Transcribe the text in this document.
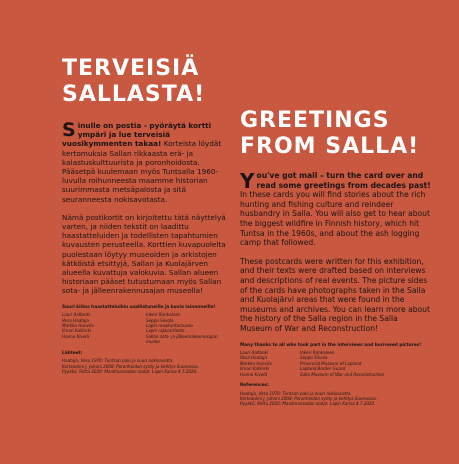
TERVEISIÄ
SALLASTA!

Sinulle on postia - pyöräytä kortti ympäri ja lue terveisiä vuosikymmenten takaa! Korteista löydät kertomuksia Sallan rikkaasta erä- ja kalastuskulttuurista ja poronhoidosta. Pääsetpä kuulemaan myös Tuntsalla 1960-luvulla roihunneesta maamme historian suurimmasta metsäpalosta ja sitä seuranneesta nokisavotasta.

Nämä postikortit on kirjoitettu tätä näyttelyä varten, ja niiden tekstit on laadittu haastatteluiden ja todellisten tapahtumien kuvausten perusteella. Korttien kuvapuolelta puolestaan löytyy museoiden ja arkistojen kätköistä etsittyjä, Sallan ja Kuolajärven alueella kuvattuja valokuvia. Sallan alueen historiaan pääset tutustumaan myös Sallan sota- ja jälleenrakennusajan museolla!

Suuri kiitos haastatteluihin osallistuneille ja kuvia lainanneille!
Lauri Aaltonki
Vesa Haataja
Markku Huovila
Ilmari Kalliorki
Hannu Kivelä
Inkeri Ronkainen
Seppo Siivola
Lapin maakuntamuseo
Lapin rajavartiosto
Sallan sota- ja jälleenrakennusajan museo
Lähteet:

Haataja, Vesa 1970: Tuntsan palo ja suuri nokisavotta.
Korteaolmi J, Juhani 2008: Poronhoidon synty ja kehitys Suomessa.
Pyykkö, Riitta 2020: Maailmansodan sodat. Lapin Kansa 4.7.2020.

GREETINGS
FROM SALLA!

You've got mail – turn the card over and read some greetings from decades past! In these cards you will find stories about the rich hunting and fishing culture and reindeer husbandry in Salla. You will also get to hear about the biggest wildfire in Finnish history, which hit Tuntsa in the 1960s, and about the ash logging camp that followed.

These postcards were written for this exhibition, and their texts were drafted based on interviews and descriptions of real events. The picture sides of the cards have photographs taken in the Salla and Kuolajärvi areas that were found in the museums and archives. You can learn more about the history of the Salla region in the Salla Museum of War and Reconstruction!

Many thanks to all who took part in the interviews and borrowed pictures!
Lauri Aaltonki
Vesa Haataja
Markku Huovila
Ilmari Kalliorki
Hannu Kivelä
Inkeri Ronkainen
Seppo Siivola
Provincial Museum of Lapland
Lapland Border Guard
Salla Museum of War and Reconstruction
References:

Haataja, Vesa 1970: Tuntsan palo ja suuri nokisavotta.
Korteaolmi J, Juhani 2008: Poronhoidon synty ja kehitys Suomessa.
Pyykkö, Riitta 2020: Maailmansodan sodat. Lapin Kansa 4.7.2020.
